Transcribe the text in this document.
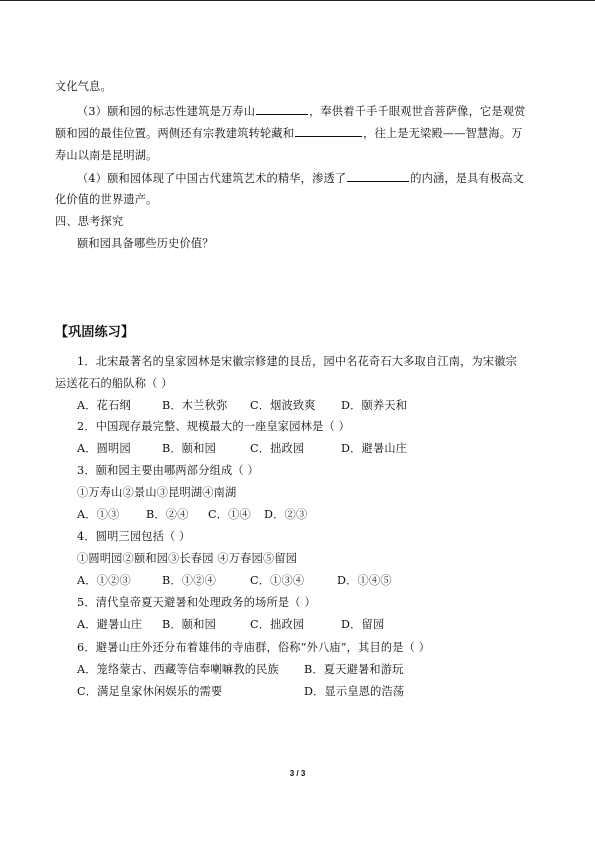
文化气息。
（3）颐和园的标志性建筑是万寿山	，奉供着千手千眼观世音菩萨像，它是观赏
颐和园的最佳位置。两侧还有宗教建筑转轮藏和	，往上是无梁殿——智慧海。万
寿山以南是昆明湖。
（4）颐和园体现了中国古代建筑艺术的精华，渗透了	的内涵，是具有极高文
化价值的世界遗产。
四、思考探究
颐和园具备哪些历史价值？
【巩固练习】
1．北宋最著名的皇家园林是宋徽宗修建的艮岳，园中名花奇石大多取自江南，为宋徽宗
运送花石的船队称（ ）
A．花石纲	B．木兰秋弥 C．烟波致爽 D．颐养天和
2．中国现存最完整、规模最大的一座皇家园林是（ ）
A．圆明园	B．颐和园	C．拙政园	D．避暑山庄
3．颐和园主要由哪两部分组成（ ）
①万寿山②景山③昆明湖④南湖
A．①③ B．②④ C．①④ D．②③
4．圆明三园包括（ ）
①圆明园②颐和园③长春园 ④万春园⑤留园
A．①②③	B．①②④	C．①③④	D．①④⑤
5．清代皇帝夏天避暑和处理政务的场所是（ ）
A．避暑山庄 B．颐和园	C．拙政园	D．留园
6．避暑山庄外还分布着雄伟的寺庙群，俗称“外八庙”，其目的是（ ）
A．笼络蒙古、西藏等信奉喇嘛教的民族 B．夏天避暑和游玩
C．满足皇家休闲娱乐的需要	D．显示皇恩的浩荡
3 / 3
